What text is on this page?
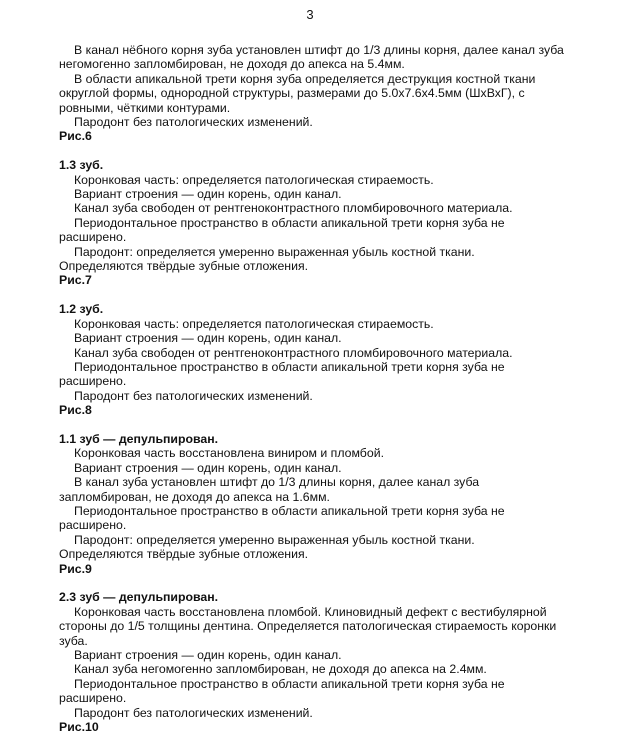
3

В канал нёбного корня зуба установлен штифт до 1/3 длины корня, далее канал зуба негомогенно запломбирован, не доходя до апекса на 5.4мм.

В области апикальной трети корня зуба определяется деструкция костной ткани округлой формы, однородной структуры, размерами до 5.0х7.6х4.5мм (ШхВхГ), с ровными, чёткими контурами.

Пародонт без патологических изменений.

Рис.6

1.3 зуб.

Коронковая часть: определяется патологическая стираемость.

Вариант строения — один корень, один канал.

Канал зуба свободен от рентгеноконтрастного пломбировочного материала.

Периодонтальное пространство в области апикальной трети корня зуба не расширено.

Пародонт: определяется умеренно выраженная убыль костной ткани.

Определяются твёрдые зубные отложения.

Рис.7

1.2 зуб.

Коронковая часть: определяется патологическая стираемость.

Вариант строения — один корень, один канал.

Канал зуба свободен от рентгеноконтрастного пломбировочного материала.

Периодонтальное пространство в области апикальной трети корня зуба не расширено.

Пародонт без патологических изменений.

Рис.8

1.1 зуб — депульпирован.

Коронковая часть восстановлена виниром и пломбой.

Вариант строения — один корень, один канал.

В канал зуба установлен штифт до 1/3 длины корня, далее канал зуба запломбирован, не доходя до апекса на 1.6мм.

Периодонтальное пространство в области апикальной трети корня зуба не расширено.

Пародонт: определяется умеренно выраженная убыль костной ткани.

Определяются твёрдые зубные отложения.

Рис.9

2.3 зуб — депульпирован.

Коронковая часть восстановлена пломбой. Клиновидный дефект с вестибулярной стороны до 1/5 толщины дентина. Определяется патологическая стираемость коронки зуба.

Вариант строения — один корень, один канал.

Канал зуба негомогенно запломбирован, не доходя до апекса на 2.4мм.

Периодонтальное пространство в области апикальной трети корня зуба не расширено.

Пародонт без патологических изменений.

Рис.10
